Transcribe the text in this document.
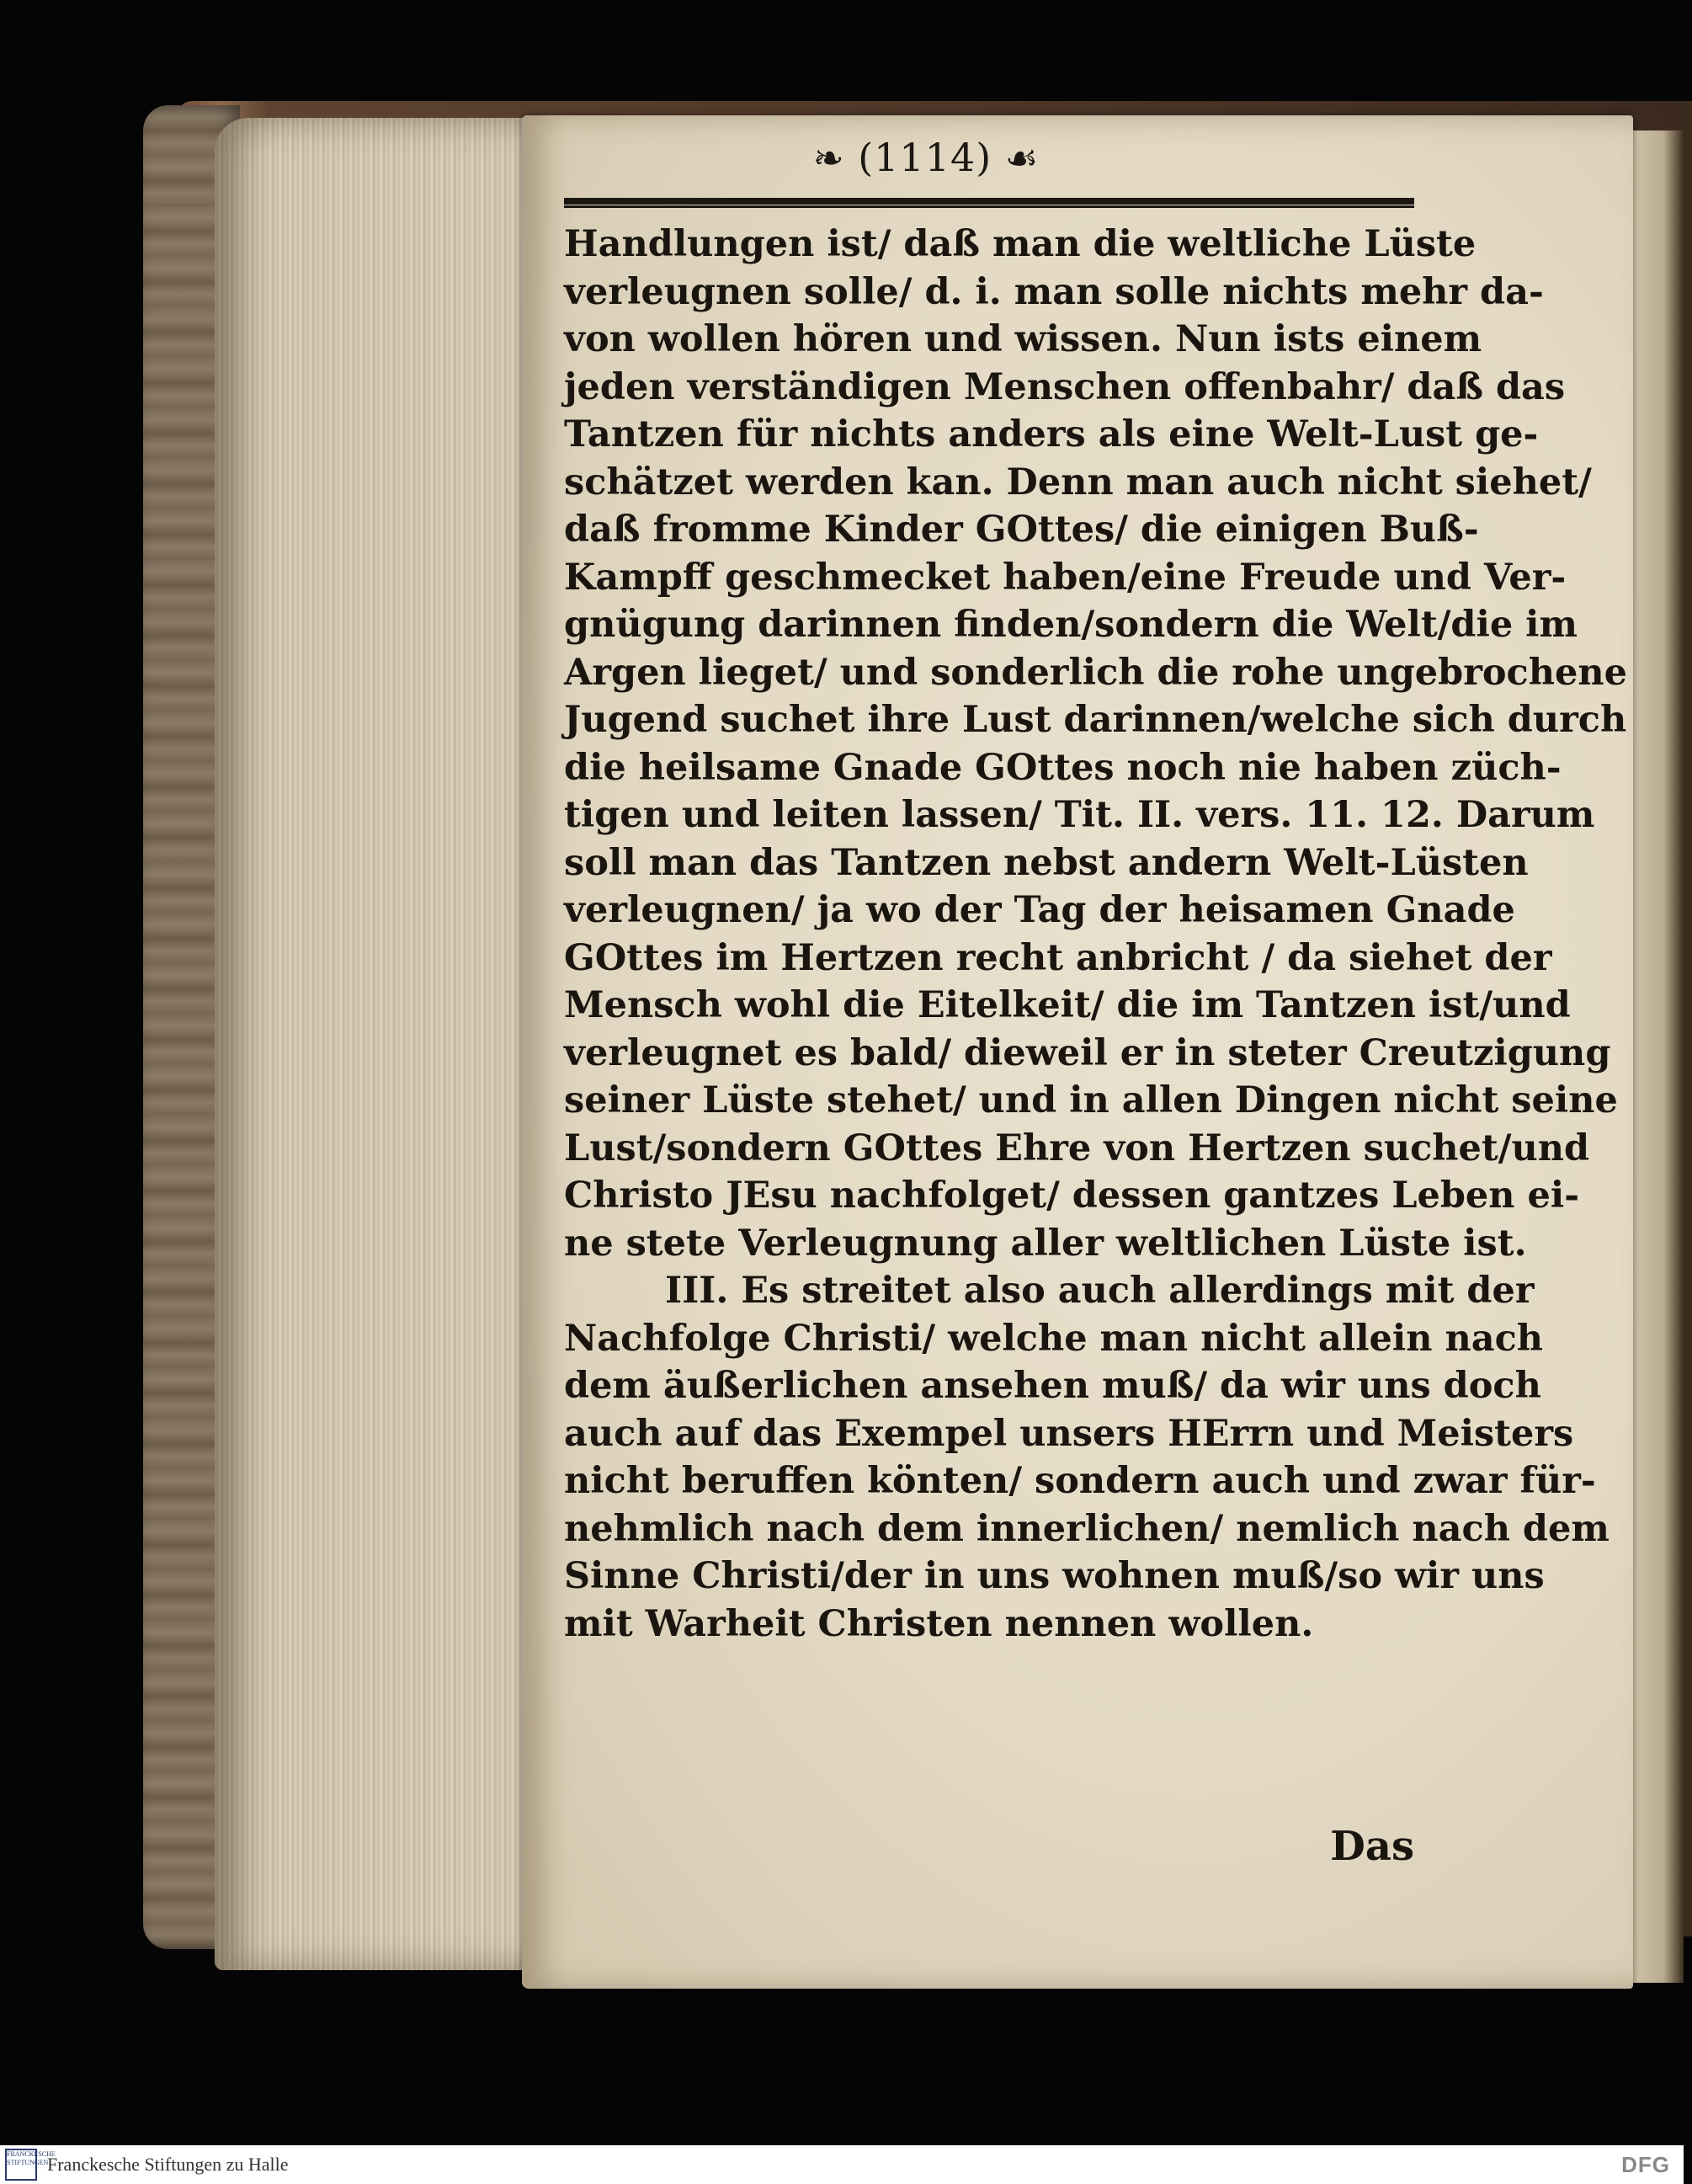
❧ (1114) ☙
Handlungen ist/ daß man die weltliche Lüste
verleugnen solle/ d. i. man solle nichts mehr da-
von wollen hören und wissen. Nun ists einem
jeden verständigen Menschen offenbahr/ daß das
Tantzen für nichts anders als eine Welt-Lust ge-
schätzet werden kan. Denn man auch nicht siehet/
daß fromme Kinder GOttes/ die einigen Buß-
Kampff geschmecket haben/eine Freude und Ver-
gnügung darinnen finden/sondern die Welt/die im
Argen lieget/ und sonderlich die rohe ungebrochene
Jugend suchet ihre Lust darinnen/welche sich durch
die heilsame Gnade GOttes noch nie haben züch-
tigen und leiten lassen/ Tit. II. vers. 11. 12. Darum
soll man das Tantzen nebst andern Welt-Lüsten
verleugnen/ ja wo der Tag der heisamen Gnade
GOttes im Hertzen recht anbricht / da siehet der
Mensch wohl die Eitelkeit/ die im Tantzen ist/und
verleugnet es bald/ dieweil er in steter Creutzigung
seiner Lüste stehet/ und in allen Dingen nicht seine
Lust/sondern GOttes Ehre von Hertzen suchet/und
Christo JEsu nachfolget/ dessen gantzes Leben ei-
ne stete Verleugnung aller weltlichen Lüste ist.
III. Es streitet also auch allerdings mit der
Nachfolge Christi/ welche man nicht allein nach
dem äußerlichen ansehen muß/ da wir uns doch
auch auf das Exempel unsers HErrn und Meisters
nicht beruffen könten/ sondern auch und zwar für-
nehmlich nach dem innerlichen/ nemlich nach dem
Sinne Christi/der in uns wohnen muß/so wir uns
mit Warheit Christen nennen wollen.
Das
FRANCKESCHE STIFTUNGEN
Franckesche Stiftungen zu Halle	DFG
